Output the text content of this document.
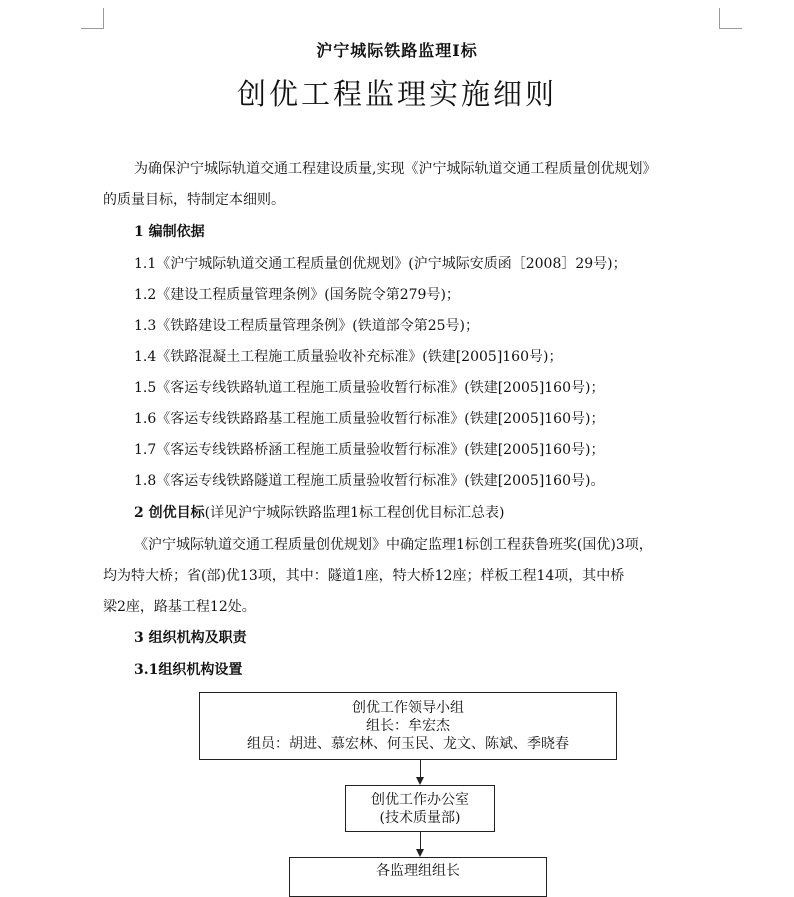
沪宁城际铁路监理Ⅰ标
创优工程监理实施细则
为确保沪宁城际轨道交通工程建设质量,实现《沪宁城际轨道交通工程质量创优规划》
的质量目标，特制定本细则。
1 编制依据
1.1《沪宁城际轨道交通工程质量创优规划》(沪宁城际安质函［2008］29号)；
1.2《建设工程质量管理条例》(国务院令第279号)；
1.3《铁路建设工程质量管理条例》(铁道部令第25号)；
1.4《铁路混凝土工程施工质量验收补充标准》(铁建[2005]160号)；
1.5《客运专线铁路轨道工程施工质量验收暂行标准》(铁建[2005]160号)；
1.6《客运专线铁路路基工程施工质量验收暂行标准》(铁建[2005]160号)；
1.7《客运专线铁路桥涵工程施工质量验收暂行标准》(铁建[2005]160号)；
1.8《客运专线铁路隧道工程施工质量验收暂行标准》(铁建[2005]160号)。
2 创优目标(详见沪宁城际铁路监理1标工程创优目标汇总表)
《沪宁城际轨道交通工程质量创优规划》中确定监理1标创工程获鲁班奖(国优)3项，
均为特大桥；省(部)优13项，其中：隧道1座，特大桥12座；样板工程14项，其中桥
梁2座，路基工程12处。
3 组织机构及职责
3.1组织机构设置
创优工作领导小组
组长：牟宏杰
组员：胡进、慕宏林、何玉民、龙文、陈斌、季晓春
创优工作办公室
(技术质量部)
各监理组组长
